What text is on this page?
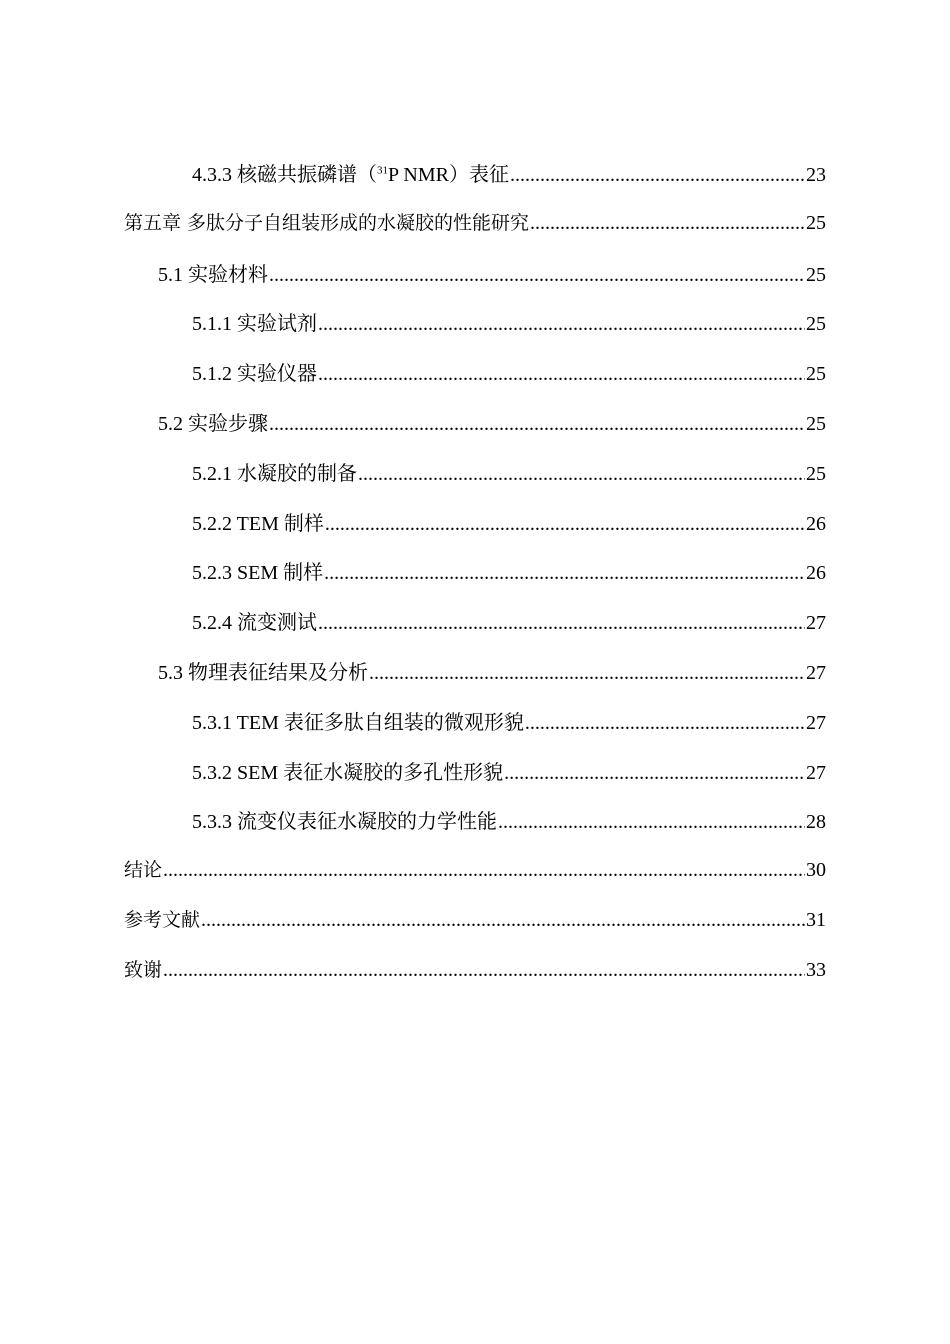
4.3.3 核磁共振磷谱（$^{31}$P NMR）表征 .....	23
第五章 多肽分子自组装形成的水凝胶的性能研究 .....	25
5.1 实验材料 .....	25
5.1.1 实验试剂 .....	25
5.1.2 实验仪器 .....	25
5.2 实验步骤 .....	25
5.2.1 水凝胶的制备 .....	25
5.2.2 TEM 制样 .....	26
5.2.3 SEM 制样 .....	26
5.2.4 流变测试 .....	27
5.3 物理表征结果及分析 .....	27
5.3.1 TEM 表征多肽自组装的微观形貌 .....	27
5.3.2 SEM 表征水凝胶的多孔性形貌 .....	27
5.3.3 流变仪表征水凝胶的力学性能 .....	28
结论 .....	30
参考文献 .....	31
致谢 .....	33
